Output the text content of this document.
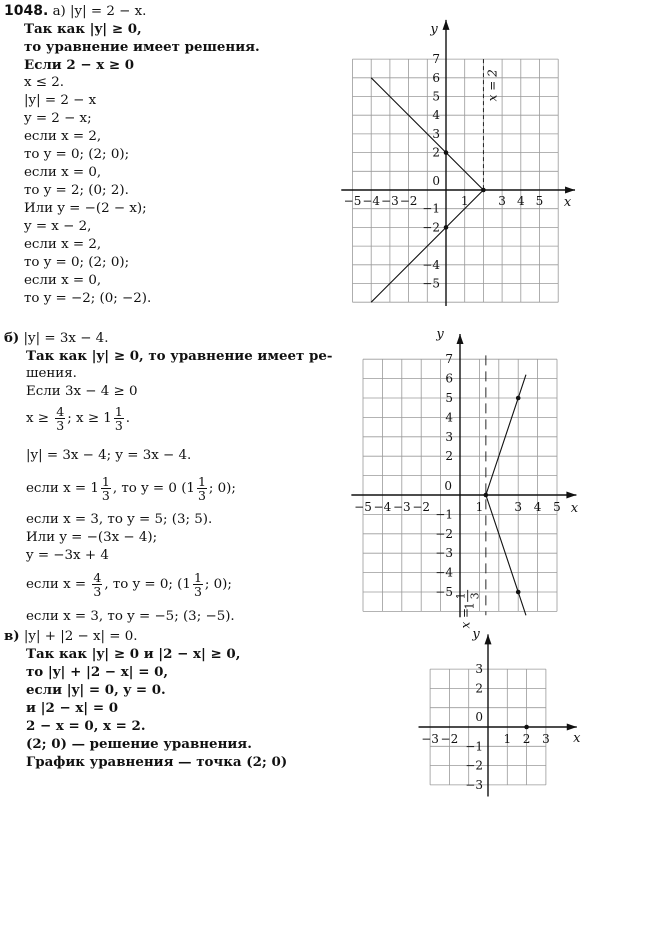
1048. а) |y| = 2 − x.
Так как |y| ≥ 0,
то уравнение имеет решения.
Если 2 − x ≥ 0
x ≤ 2.
|y| = 2 − x
y = 2 − x;
если x = 2,
то y = 0; (2; 0);
если x = 0,
то y = 2; (0; 2).
Или y = −(2 − x);
y = x − 2,
если x = 2,
то y = 0; (2; 0);
если x = 0,
то y = −2; (0; −2).
б) |y| = 3x − 4.
Так как |y| ≥ 0, то уравнение имеет ре-
шения.
Если 3x − 4 ≥ 0
$x \ge \frac{4}{3}$ ; $x \ge 1 \frac{1}{3}$ .
|y| = 3x − 4; y = 3x − 4.
если $x = 1 \frac{1}{3}$ , то y = 0 ($1 \frac{1}{3}$ ; 0);
если x = 3, то y = 5; (3; 5).
Или y = −(3x − 4);
y = −3x + 4
если $x = \frac{4}{3}$ , то y = 0; ($1 \frac{1}{3}$ ; 0);
если x = 3, то y = −5; (3; −5).
в) |y| + |2 − x| = 0.
Так как |y| ≥ 0 и |2 − x| ≥ 0,
то |y| + |2 − x| = 0,
если |y| = 0, y = 0.
и |2 − x| = 0
2 − x = 0, x = 2.
(2; 0) — решение уравнения.
График уравнения — точка (2; 0)
−5 −4 −3 −2	1 3 4 5
7
6
5
4
3
2
−1
−2
−4
−5
0
x
y
x = 2
−5 −4 −3 −2	1	3 4 5
7
6
5
4
3
2
−1
−2
−3
−4
−5
0
x
y
x =
1 3
1
−3 −2	1 2 3
3
2
−1
−2
−3
0
x
y
